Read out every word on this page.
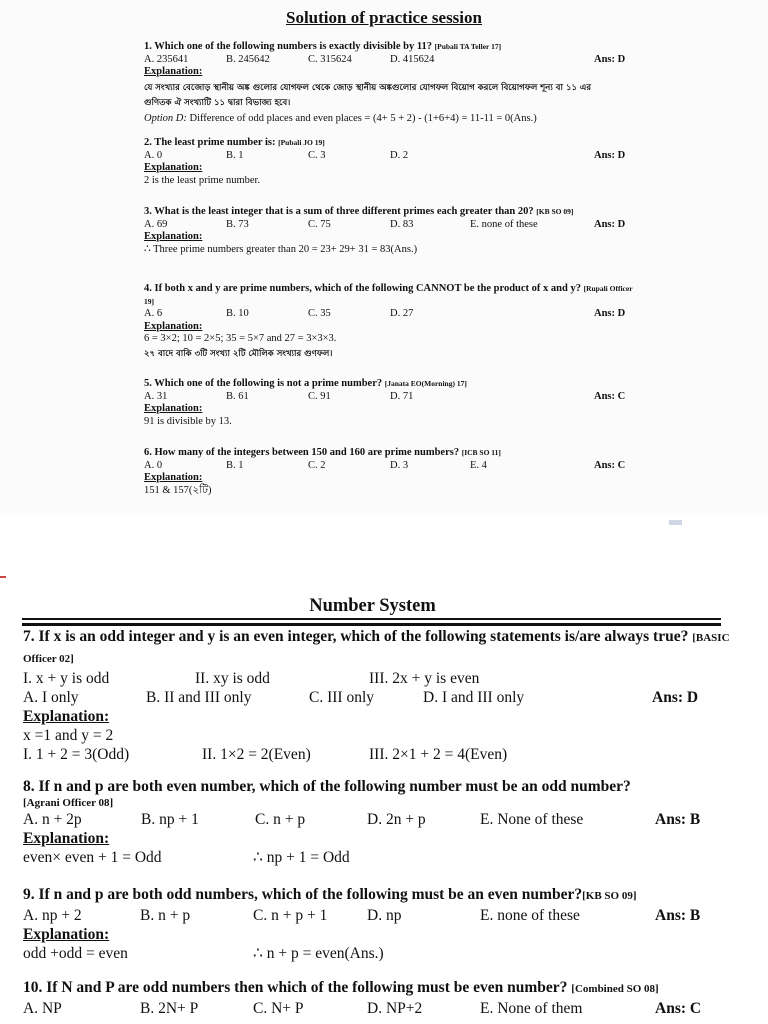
Solution of practice session
1. Which one of the following numbers is exactly divisible by 11? [Pubali TA Teller 17]
A. 235641	B. 245642	C. 315624	D. 415624	Ans: D
Explanation:
যে সংখ্যার বেজোড় স্থানীয় অঙ্ক গুলোর যোগফল থেকে জোড় স্থানীয় অঙ্কগুলোর যোগফল বিয়োগ করলে বিয়োগফল শূন্য বা ১১ এর
গুণিতক ঐ সংখ্যাটি ১১ দ্বারা বিভাজ্য হবে।
Option D: Difference of odd places and even places = (4+ 5 + 2) - (1+6+4) = 11-11 = 0(Ans.)
2. The least prime number is: [Pubali JO 19]
A. 0	B. 1	C. 3	D. 2	Ans: D
Explanation:
2 is the least prime number.
3. What is the least integer that is a sum of three different primes each greater than 20? [KB SO 09]
A. 69	B. 73	C. 75	D. 83	E. none of these	Ans: D
Explanation:
∴ Three prime numbers greater than 20 = 23+ 29+ 31 = 83(Ans.)
4. If both x and y are prime numbers, which of the following CANNOT be the product of x and y? [Rupali Officer 19]
A. 6	B. 10	C. 35	D. 27	Ans: D
Explanation:
6 = 3×2; 10 = 2×5; 35 = 5×7 and 27 = 3×3×3.
২৭ বাদে বাকি ৩টি সংখ্যা ২টি মৌলিক সংখ্যার গুণফল।
5. Which one of the following is not a prime number? [Janata EO(Morning) 17]
A. 31	B. 61	C. 91	D. 71	Ans: C
Explanation:
91 is divisible by 13.
6. How many of the integers between 150 and 160 are prime numbers? [ICB SO 11]
A. 0	B. 1	C. 2	D. 3	E. 4	Ans: C
Explanation:
151 & 157(২টি)
Number System
7. If x is an odd integer and y is an even integer, which of the following statements is/are always true? [BASIC Officer 02]
I. x + y is odd	II. xy is odd	III. 2x + y is even
A. I only	B. II and III only	C. III only	D. I and III only	Ans: D
Explanation:
x =1 and y = 2
I. 1 + 2 = 3(Odd)	II. 1×2 = 2(Even)	III. 2×1 + 2 = 4(Even)
8. If n and p are both even number, which of the following number must be an odd number?
[Agrani Officer 08]
A. n + 2p	B. np + 1	C. n + p	D. 2n + p	E. None of these	Ans: B
Explanation:
even× even + 1 = Odd	∴ np + 1 = Odd
9. If n and p are both odd numbers, which of the following must be an even number?[KB SO 09]
A. np + 2	B. n + p	C. n + p + 1	D. np	E. none of these	Ans: B
Explanation:
odd +odd = even	∴ n + p = even(Ans.)
10. If N and P are odd numbers then which of the following must be even number? [Combined SO 08]
A. NP	B. 2N+ P	C. N+ P	D. NP+2	E. None of them	Ans: C
